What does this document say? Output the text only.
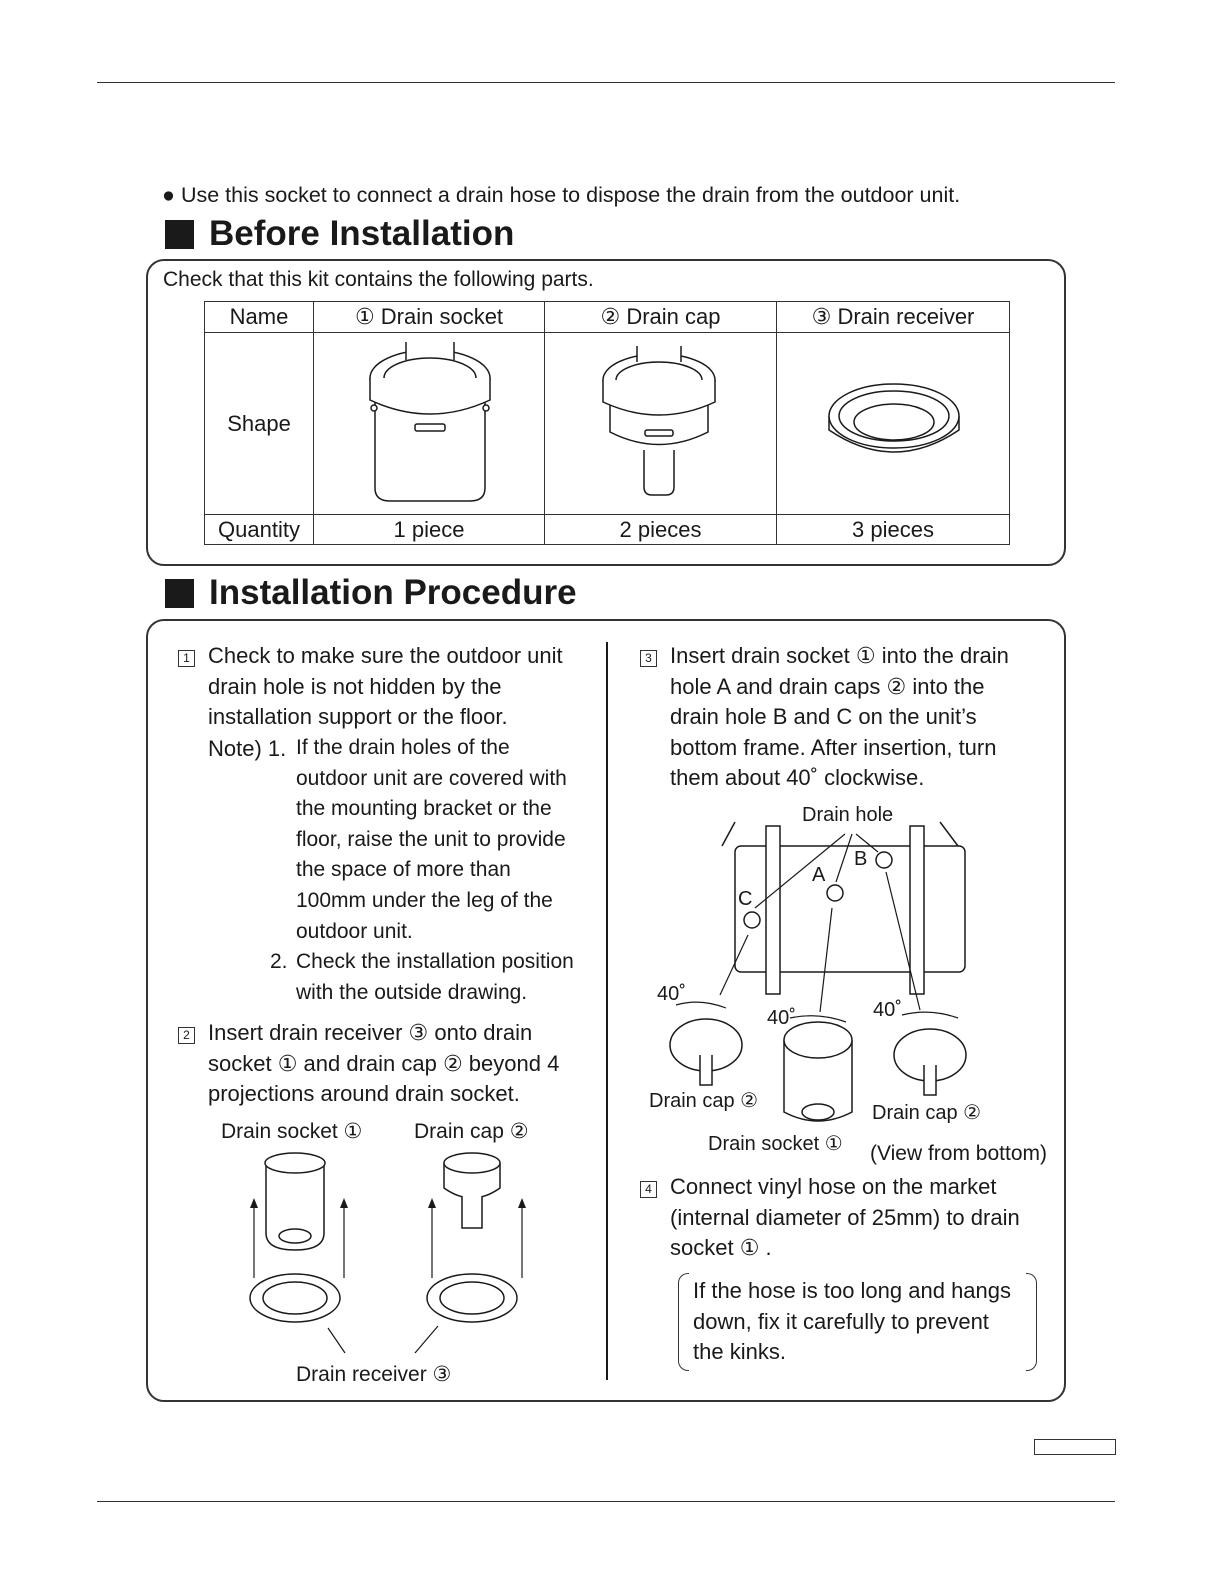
● Use this socket to connect a drain hose to dispose the drain from the outdoor unit.
Before Installation
Check that this kit contains the following parts.
Name	① Drain socket	② Drain cap	③ Drain receiver
Shape			
Quantity	1 piece	2 pieces	3 pieces
Installation Procedure
1 Check to make sure the outdoor unit
drain hole is not hidden by the
installation support or the floor.
Note) 1. If the drain holes of the
outdoor unit are covered with
the mounting bracket or the
floor, raise the unit to provide
the space of more than
100mm under the leg of the
outdoor unit.
2. Check the installation position
with the outside drawing.
2 Insert drain receiver ③ onto drain
socket ① and drain cap ② beyond 4
projections around drain socket.
Drain socket ① Drain cap ②
Drain receiver ③
3 Insert drain socket ① into the drain
hole A and drain caps ② into the
drain hole B and C on the unit’s
bottom frame. After insertion, turn
them about 40˚ clockwise.
Drain hole
A
B
C
40˚
40˚	40˚
Drain cap ②
Drain cap ②
Drain socket ① (View from bottom)
4 Connect vinyl hose on the market
(internal diameter of 25mm) to drain
socket ① .
If the hose is too long and hangs
down, fix it carefully to prevent
the kinks.
